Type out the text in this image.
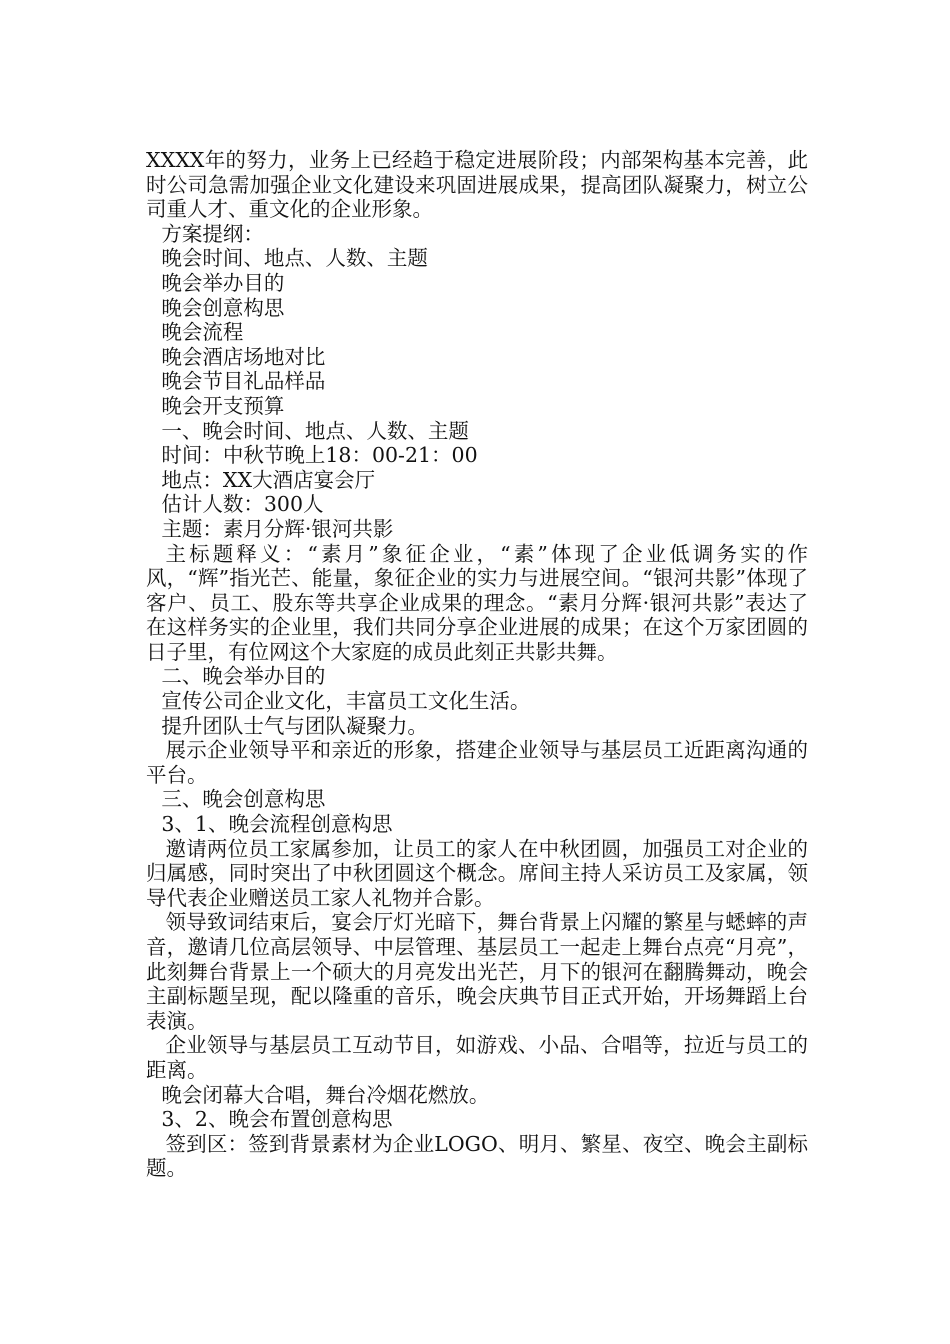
XXXX年的努力，业务上已经趋于稳定进展阶段；内部架构基本完善，此时公司急需加强企业文化建设来巩固进展成果，提高团队凝聚力，树立公司重人才、重文化的企业形象。

方案提纲：

晚会时间、地点、人数、主题

晚会举办目的

晚会创意构思

晚会流程

晚会酒店场地对比

晚会节目礼品样品

晚会开支预算

一、晚会时间、地点、人数、主题

时间：中秋节晚上18：00-21：00

地点：XX大酒店宴会厅

估计人数：300人

主题：素月分辉·银河共影

主标题释义：“素月”象征企业，“素”体现了企业低调务实的作风，“辉”指光芒、能量，象征企业的实力与进展空间。“银河共影”体现了客户、员工、股东等共享企业成果的理念。“素月分辉·银河共影”表达了在这样务实的企业里，我们共同分享企业进展的成果；在这个万家团圆的日子里，有位网这个大家庭的成员此刻正共影共舞。

二、晚会举办目的

宣传公司企业文化，丰富员工文化生活。

提升团队士气与团队凝聚力。

展示企业领导平和亲近的形象，搭建企业领导与基层员工近距离沟通的平台。

三、晚会创意构思

3、1、晚会流程创意构思

邀请两位员工家属参加，让员工的家人在中秋团圆，加强员工对企业的归属感，同时突出了中秋团圆这个概念。席间主持人采访员工及家属，领导代表企业赠送员工家人礼物并合影。

领导致词结束后，宴会厅灯光暗下，舞台背景上闪耀的繁星与蟋蟀的声音，邀请几位高层领导、中层管理、基层员工一起走上舞台点亮“月亮”，此刻舞台背景上一个硕大的月亮发出光芒，月下的银河在翻腾舞动，晚会主副标题呈现，配以隆重的音乐，晚会庆典节目正式开始，开场舞蹈上台表演。

企业领导与基层员工互动节目，如游戏、小品、合唱等，拉近与员工的距离。

晚会闭幕大合唱，舞台冷烟花燃放。

3、2、晚会布置创意构思

签到区：签到背景素材为企业LOGO、明月、繁星、夜空、晚会主副标题。
